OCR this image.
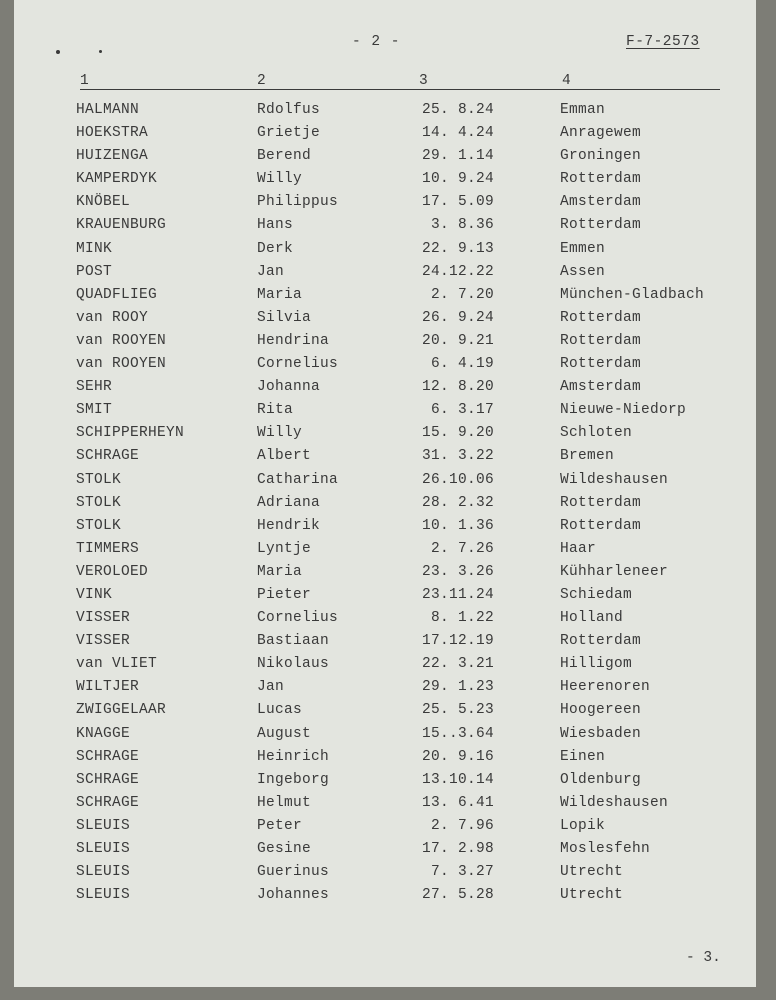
- 2 -	F-7-2573
1	2	3	4
HALMANN	Rdolfus	25. 8.24	Emman
HOEKSTRA	Grietje	14. 4.24	Anragewem
HUIZENGA	Berend	29. 1.14	Groningen
KAMPERDYK	Willy	10. 9.24	Rotterdam
KNÖBEL	Philippus	17. 5.09	Amsterdam
KRAUENBURG	Hans	3. 8.36	Rotterdam
MINK	Derk	22. 9.13	Emmen
POST	Jan	24.12.22	Assen
QUADFLIEG	Maria	2. 7.20	München-Gladbach
van ROOY	Silvia	26. 9.24	Rotterdam
van ROOYEN	Hendrina	20. 9.21	Rotterdam
van ROOYEN	Cornelius	6. 4.19	Rotterdam
SEHR	Johanna	12. 8.20	Amsterdam
SMIT	Rita	6. 3.17	Nieuwe-Niedorp
SCHIPPERHEYN	Willy	15. 9.20	Schloten
SCHRAGE	Albert	31. 3.22	Bremen
STOLK	Catharina	26.10.06	Wildeshausen
STOLK	Adriana	28. 2.32	Rotterdam
STOLK	Hendrik	10. 1.36	Rotterdam
TIMMERS	Lyntje	2. 7.26	Haar
VEROLOED	Maria	23. 3.26	Kühharleneer
VINK	Pieter	23.11.24	Schiedam
VISSER	Cornelius	8. 1.22	Holland
VISSER	Bastiaan	17.12.19	Rotterdam
van VLIET	Nikolaus	22. 3.21	Hilligom
WILTJER	Jan	29. 1.23	Heerenoren
ZWIGGELAAR	Lucas	25. 5.23	Hoogereen
KNAGGE	August	15..3.64	Wiesbaden
SCHRAGE	Heinrich	20. 9.16	Einen
SCHRAGE	Ingeborg	13.10.14	Oldenburg
SCHRAGE	Helmut	13. 6.41	Wildeshausen
SLEUIS	Peter	2. 7.96	Lopik
SLEUIS	Gesine	17. 2.98	Moslesfehn
SLEUIS	Guerinus	7. 3.27	Utrecht
SLEUIS	Johannes	27. 5.28	Utrecht
- 3.
